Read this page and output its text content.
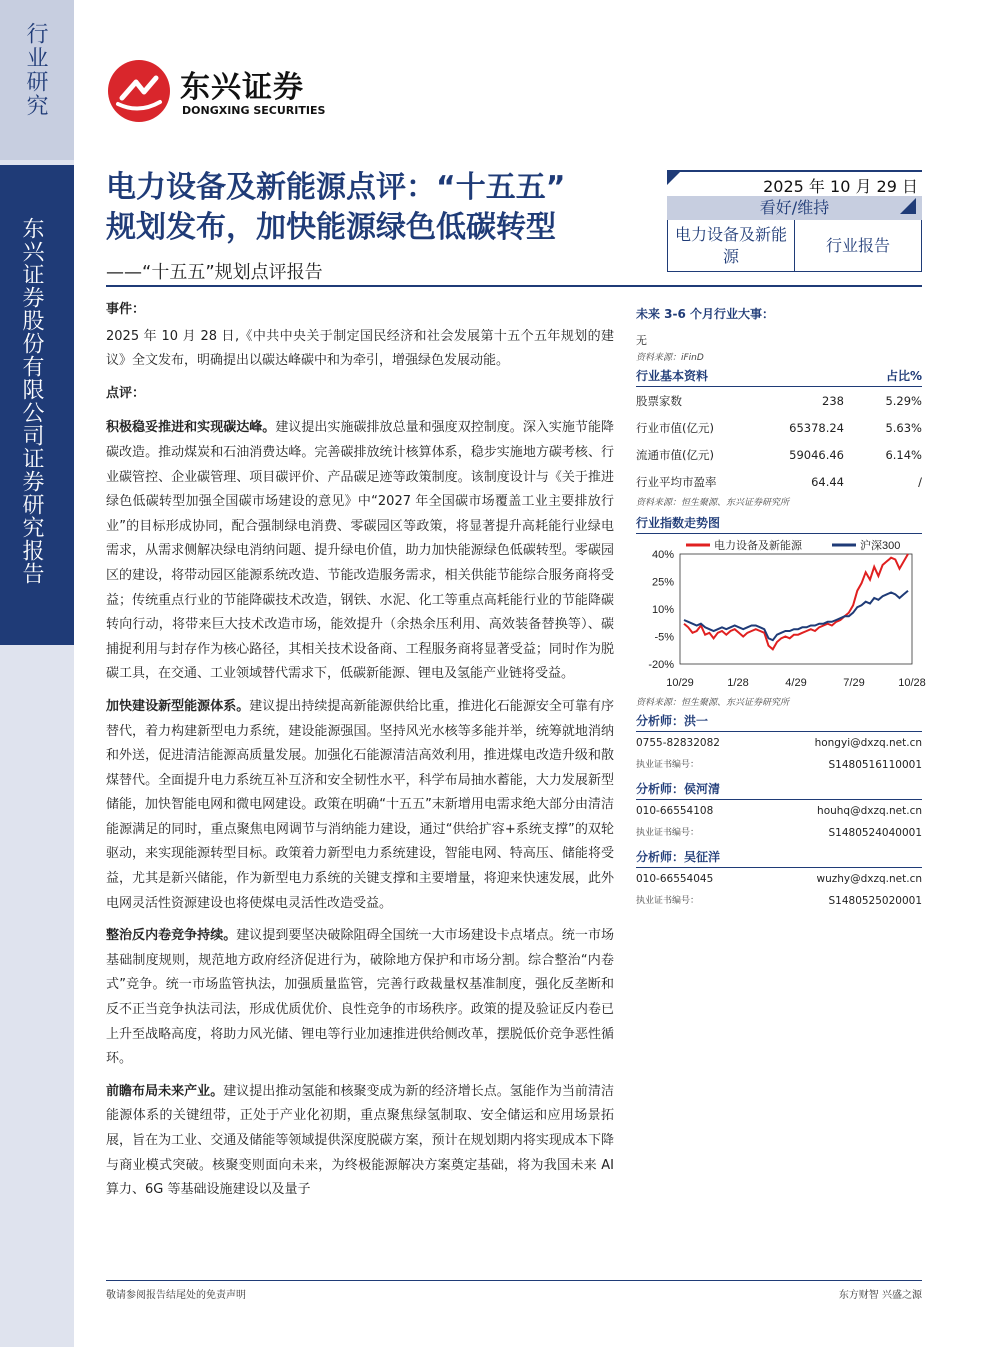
行业研究
东兴证券股份有限公司证券研究报告
东兴证券
DONGXING SECURITIES
电力设备及新能源点评：“十五五”
规划发布，加快能源绿色低碳转型
——“十五五”规划点评报告
2025 年 10 月 29 日
看好/维持
电力设备及新能源
行业报告
事件：

2025 年 10 月 28 日,《中共中央关于制定国民经济和社会发展第十五个五年规划的建议》全文发布，明确提出以碳达峰碳中和为牵引，增强绿色发展动能。

点评：

积极稳妥推进和实现碳达峰。建议提出实施碳排放总量和强度双控制度。深入实施节能降碳改造。推动煤炭和石油消费达峰。完善碳排放统计核算体系，稳步实施地方碳考核、行业碳管控、企业碳管理、项目碳评价、产品碳足迹等政策制度。该制度设计与《关于推进绿色低碳转型加强全国碳市场建设的意见》中“2027 年全国碳市场覆盖工业主要排放行业”的目标形成协同，配合强制绿电消费、零碳园区等政策，将显著提升高耗能行业绿电需求，从需求侧解决绿电消纳问题、提升绿电价值，助力加快能源绿色低碳转型。零碳园区的建设，将带动园区能源系统改造、节能改造服务需求，相关供能节能综合服务商将受益；传统重点行业的节能降碳技术改造，钢铁、水泥、化工等重点高耗能行业的节能降碳转向行动，将带来巨大技术改造市场，能效提升（余热余压利用、高效装备替换等）、碳捕捉利用与封存作为核心路径，其相关技术设备商、工程服务商将显著受益；同时作为脱碳工具，在交通、工业领域替代需求下，低碳新能源、锂电及氢能产业链将受益。

加快建设新型能源体系。建议提出持续提高新能源供给比重，推进化石能源安全可靠有序替代，着力构建新型电力系统，建设能源强国。坚持风光水核等多能并举，统筹就地消纳和外送，促进清洁能源高质量发展。加强化石能源清洁高效利用，推进煤电改造升级和散煤替代。全面提升电力系统互补互济和安全韧性水平，科学布局抽水蓄能，大力发展新型储能，加快智能电网和微电网建设。政策在明确“十五五”末新增用电需求绝大部分由清洁能源满足的同时，重点聚焦电网调节与消纳能力建设，通过“供给扩容+系统支撑”的双轮驱动，来实现能源转型目标。政策着力新型电力系统建设，智能电网、特高压、储能将受益，尤其是新兴储能，作为新型电力系统的关键支撑和主要增量，将迎来快速发展，此外电网灵活性资源建设也将使煤电灵活性改造受益。

整治反内卷竞争持续。建议提到要坚决破除阻碍全国统一大市场建设卡点堵点。统一市场基础制度规则，规范地方政府经济促进行为，破除地方保护和市场分割。综合整治“内卷式”竞争。统一市场监管执法，加强质量监管，完善行政裁量权基准制度，强化反垄断和反不正当竞争执法司法，形成优质优价、良性竞争的市场秩序。政策的提及验证反内卷已上升至战略高度，将助力风光储、锂电等行业加速推进供给侧改革，摆脱低价竞争恶性循环。

前瞻布局未来产业。建议提出推动氢能和核聚变成为新的经济增长点。氢能作为当前清洁能源体系的关键纽带，正处于产业化初期，重点聚焦绿氢制取、安全储运和应用场景拓展，旨在为工业、交通及储能等领域提供深度脱碳方案，预计在规划期内将实现成本下降与商业模式突破。核聚变则面向未来，为终极能源解决方案奠定基础，将为我国未来 AI 算力、6G 等基础设施建设以及量子

未来 3-6 个月行业大事：
无
资料来源：iFinD
行业基本资料	占比%
股票家数	238	5.29%
行业市值(亿元)	65378.24	5.63%
流通市值(亿元)	59046.46	6.14%
行业平均市盈率	64.44	/
资料来源：恒生聚源、东兴证券研究所
行业指数走势图
40%
25%
10%
-5%
-20%
10/29	1/28	4/29	7/29	10/28
电力设备及新能源	沪深300
资料来源：恒生聚源、东兴证券研究所
分析师：洪一
0755-82832082	hongyi@dxzq.net.cn
执业证书编号：	S1480516110001
分析师：侯河清
010-66554108	houhq@dxzq.net.cn
执业证书编号：	S1480524040001
分析师：吴征洋
010-66554045	wuzhy@dxzq.net.cn
执业证书编号：	S1480525020001
敬请参阅报告结尾处的免责声明	东方财智 兴盛之源
